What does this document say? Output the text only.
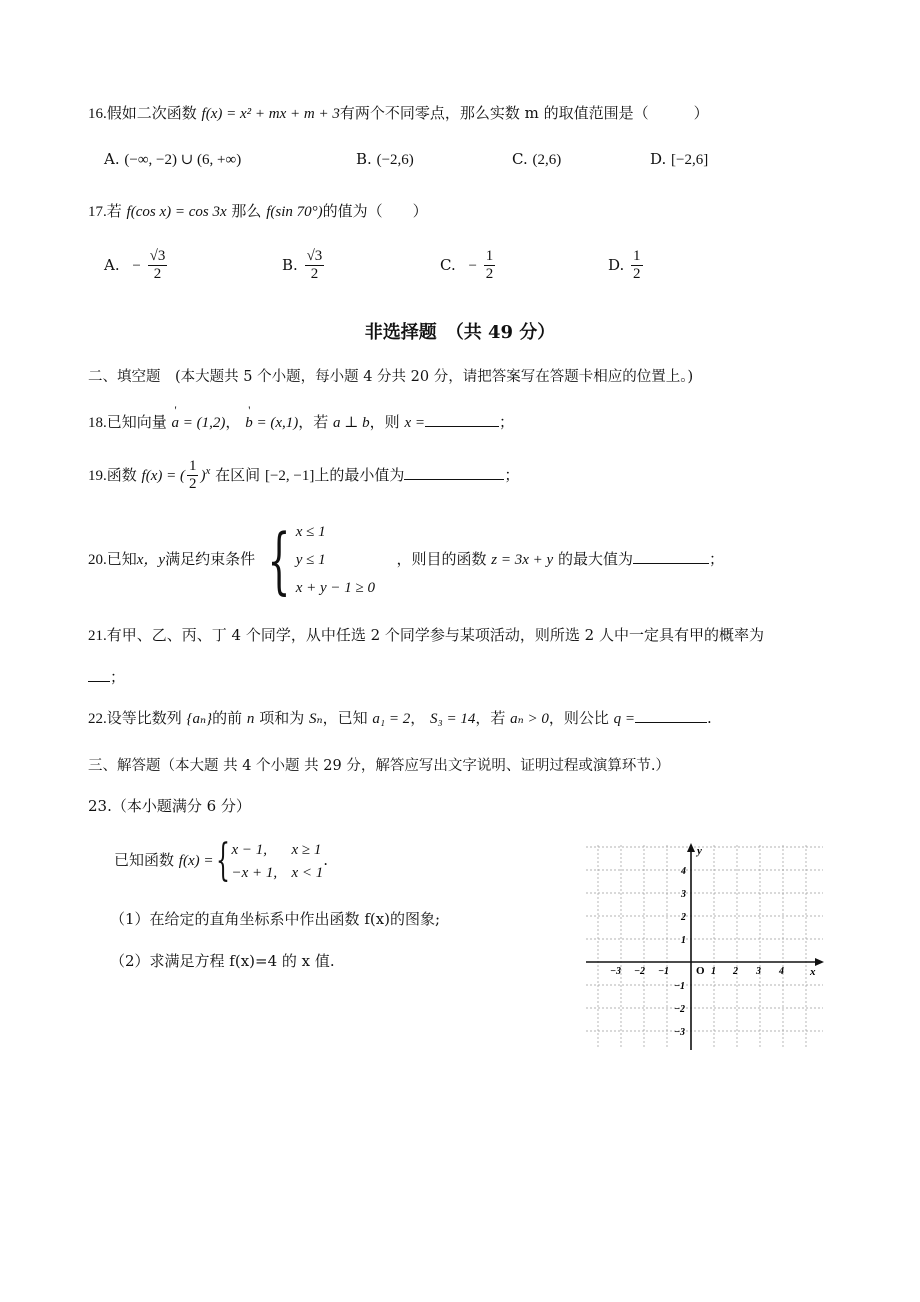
16.假如二次函数 f(x) = x² + mx + m + 3有两个不同零点，那么实数 m 的取值范围是（　　　）
A. (−∞, −2) ∪ (6, +∞)	B. (−2,6)	C. (2,6)	D. [−2,6]
17.若 f(cos x) = cos 3x 那么 f(sin 70°)的值为（　　）
A. − $\frac{√3}{2}$	B. $\frac{√3}{2}$	C. − $\frac{1}{2}$	D. $\frac{1}{2}$
非选择题　（共 49 分）
二、填空题　(本大题共 5 个小题，每小题 4 分共 20 分，请把答案写在答题卡相应的位置上。)
18.已知向量 ' a = (1,2)， ' b = (x,1)，若 a ⊥ b，则 x =	；
19.函数 f(x) = ( $\frac{1}{2} )^x$ 在区间 [−2, −1]上的最小值为	；
20.已知x，y满足约束条件 { x ≤ 1
y ≤ 1
x + y − 1 ≥ 0
，则目的函数 z = 3x + y 的最大值为	；
21.有甲、乙、丙、丁 4 个同学，从中任选 2 个同学参与某项活动，则所选 2 人中一定具有甲的概率为
；
22.设等比数列 {aₙ}的前 n 项和为 Sₙ，已知 a₁ = 2， S₃ = 14，若 aₙ > 0，则公比 q =	.
三、解答题（本大题 共 4 个小题 共 29 分，解答应写出文字说明、证明过程或演算环节.）
23.（本小题满分 6 分）
已知函数 f(x) ={ x − 1, x ≥ 1
−x + 1, x < 1
.
（1）在给定的直角坐标系中作出函数 f(x)的图象;
（2）求满足方程 f(x)=4 的 x 值.
x
y
O
−3 −2 −1	1 2 3 4
4
3
2
1
−1
−2
−3
